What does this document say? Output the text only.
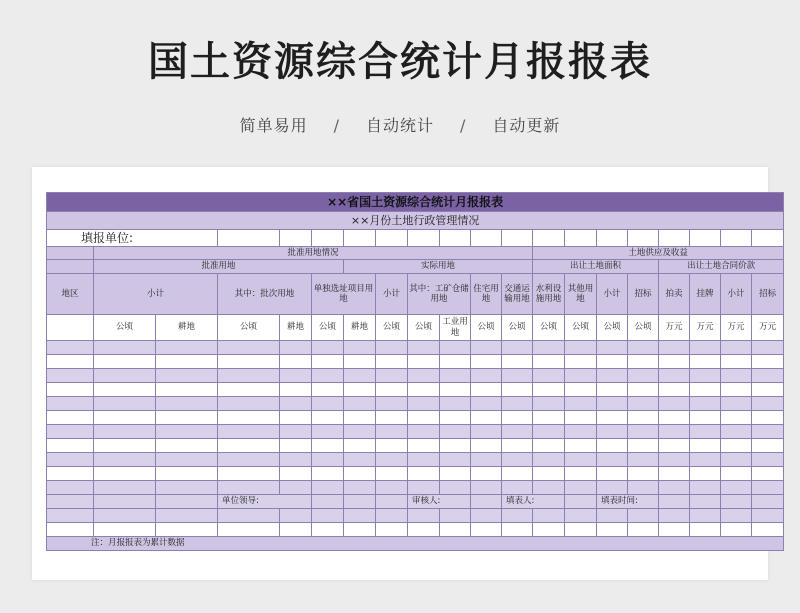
国土资源综合统计月报报表
简单易用 / 自动统计 / 自动更新
××省国土资源综合统计月报报表																				
××月份土地行政管理情况																				
填报单位:																				
	批准用地情况											土地供应及收益								
	批准用地					实际用地						出让土地面积				出让土地合同价款				
地区	小计		其中：批次用地		单独选址项目用地		小计	其中：工矿仓储用地		住宅用地	交通运输用地	水利设施用地	其他用地	小计	招标	拍卖	挂牌	小计	招标		
	公顷	耕地	公顷	耕地	公顷	耕地	公顷	公顷	工业用地	公顷	公顷	公顷	公顷	公顷	公顷	万元	万元	万元	万元	

			单位领导:					审核人:			填表人:			填表时间:						

注：月报报表为累计数据																				
